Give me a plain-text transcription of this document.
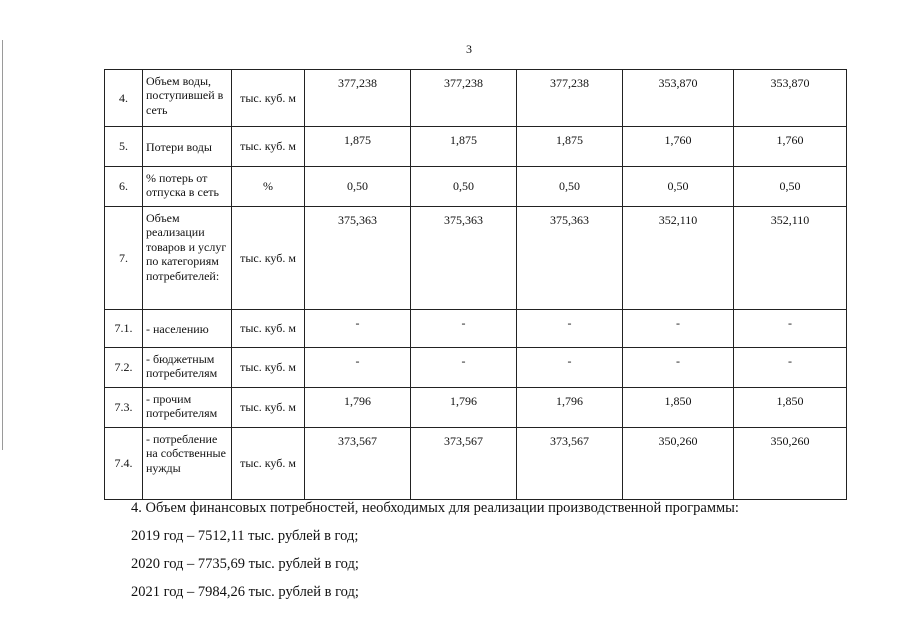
3
4.	Объем воды, поступившей в сеть	тыс. куб. м	377,238	377,238	377,238	353,870	353,870
5.	Потери воды	тыс. куб. м	1,875	1,875	1,875	1,760	1,760
6.	% потерь от отпуска в сеть	%	0,50	0,50	0,50	0,50	0,50
7.	Объем реализации товаров и услуг по категориям потребителей:	тыс. куб. м	375,363	375,363	375,363	352,110	352,110
7.1.	- населению	тыс. куб. м	-	-	-	-	-
7.2.	- бюджетным потребителям	тыс. куб. м	-	-	-	-	-
7.3.	- прочим потребителям	тыс. куб. м	1,796	1,796	1,796	1,850	1,850
7.4.	- потребление на собственные нужды	тыс. куб. м	373,567	373,567	373,567	350,260	350,260
4. Объем финансовых потребностей, необходимых для реализации производственной программы:
2019 год – 7512,11 тыс. рублей в год;
2020 год – 7735,69 тыс. рублей в год;
2021 год – 7984,26 тыс. рублей в год;
